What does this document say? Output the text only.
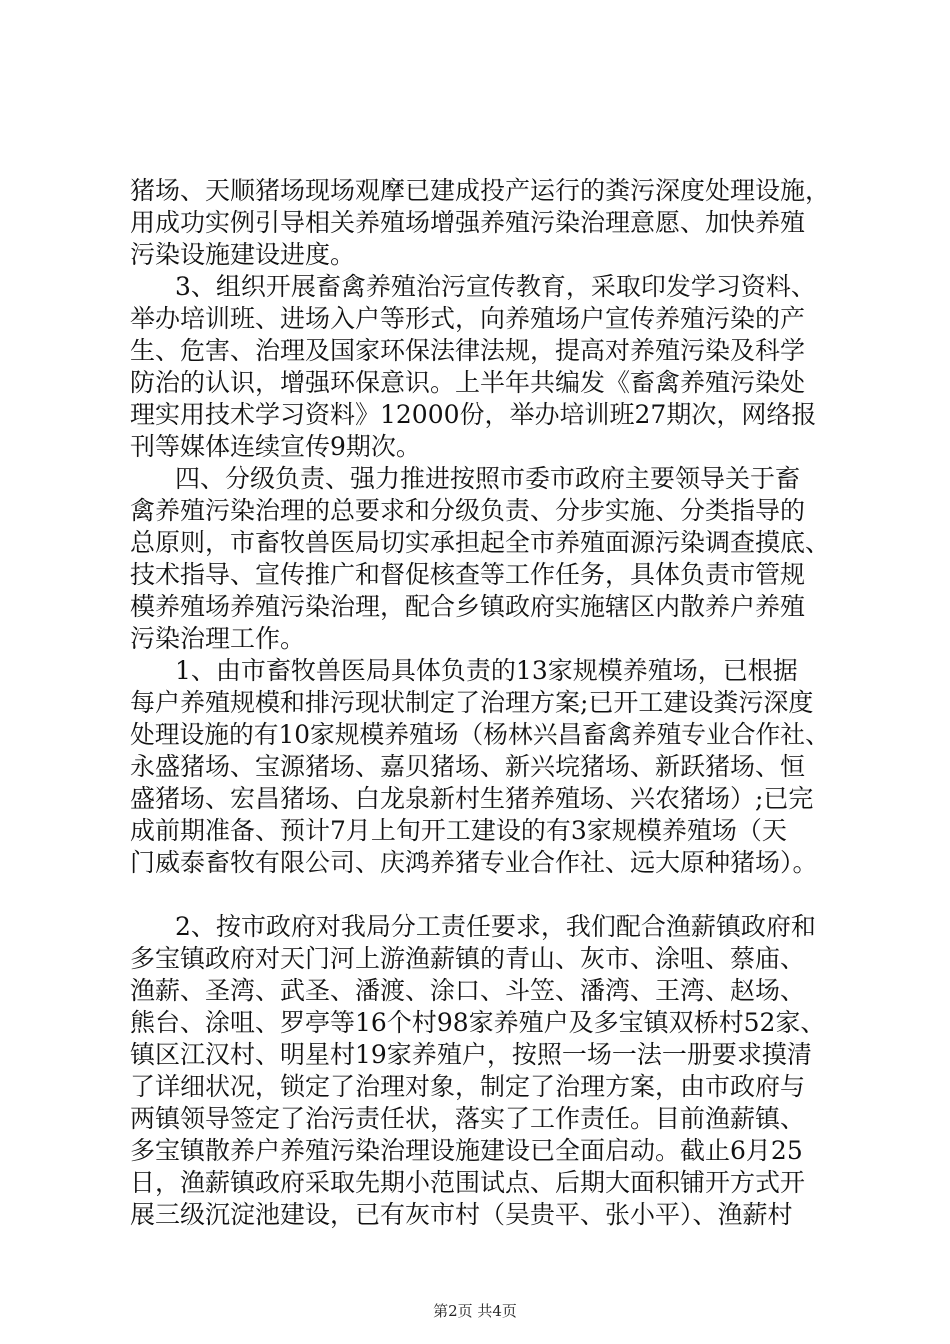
猪场、天顺猪场现场观摩已建成投产运行的粪污深度处理设施，
用成功实例引导相关养殖场增强养殖污染治理意愿、加快养殖
污染设施建设进度。
3、组织开展畜禽养殖治污宣传教育，采取印发学习资料、
举办培训班、进场入户等形式，向养殖场户宣传养殖污染的产
生、危害、治理及国家环保法律法规，提高对养殖污染及科学
防治的认识，增强环保意识。上半年共编发《畜禽养殖污染处
理实用技术学习资料》12000份，举办培训班27期次，网络报
刊等媒体连续宣传9期次。
四、分级负责、强力推进按照市委市政府主要领导关于畜
禽养殖污染治理的总要求和分级负责、分步实施、分类指导的
总原则，市畜牧兽医局切实承担起全市养殖面源污染调查摸底、
技术指导、宣传推广和督促核查等工作任务，具体负责市管规
模养殖场养殖污染治理，配合乡镇政府实施辖区内散养户养殖
污染治理工作。
1、由市畜牧兽医局具体负责的13家规模养殖场，已根据
每户养殖规模和排污现状制定了治理方案;已开工建设粪污深度
处理设施的有10家规模养殖场（杨林兴昌畜禽养殖专业合作社、
永盛猪场、宝源猪场、嘉贝猪场、新兴垸猪场、新跃猪场、恒
盛猪场、宏昌猪场、白龙泉新村生猪养殖场、兴农猪场）;已完
成前期准备、预计7月上旬开工建设的有3家规模养殖场（天
门威泰畜牧有限公司、庆鸿养猪专业合作社、远大原种猪场）。
2、按市政府对我局分工责任要求，我们配合渔薪镇政府和
多宝镇政府对天门河上游渔薪镇的青山、灰市、涂咀、蔡庙、
渔薪、圣湾、武圣、潘渡、涂口、斗笠、潘湾、王湾、赵场、
熊台、涂咀、罗亭等16个村98家养殖户及多宝镇双桥村52家、
镇区江汉村、明星村19家养殖户，按照一场一法一册要求摸清
了详细状况，锁定了治理对象，制定了治理方案，由市政府与
两镇领导签定了治污责任状，落实了工作责任。目前渔薪镇、
多宝镇散养户养殖污染治理设施建设已全面启动。截止6月25
日，渔薪镇政府采取先期小范围试点、后期大面积铺开方式开
展三级沉淀池建设，已有灰市村（吴贵平、张小平）、渔薪村
第2页 共4页
